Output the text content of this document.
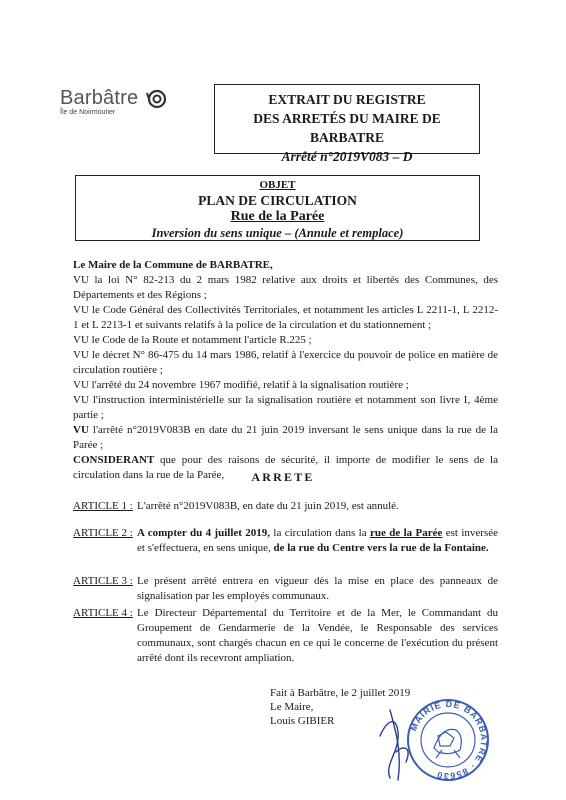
Barbâtre
Île de Noirmoutier
EXTRAIT DU REGISTRE
DES ARRETÉS DU MAIRE DE BARBATRE
Arrêté n°2019V083 – D
OBJET
PLAN DE CIRCULATION
Rue de la Parée
Inversion du sens unique – (Annule et remplace)

Le Maire de la Commune de BARBATRE,

VU la loi N° 82-213 du 2 mars 1982 relative aux droits et libertés des Communes, des Départements et des Régions ;

VU le Code Général des Collectivités Territoriales, et notamment les articles L 2211-1, L 2212-1 et L 2213-1 et suivants relatifs à la police de la circulation et du stationnement ;

VU le Code de la Route et notamment l'article R.225 ;

VU le décret N° 86-475 du 14 mars 1986, relatif à l'exercice du pouvoir de police en matière de circulation routière ;

VU l'arrêté du 24 novembre 1967 modifié, relatif à la signalisation routière ;

VU l'instruction interministérielle sur la signalisation routière et notamment son livre I, 4ème partie ;

VU l'arrêté n°2019V083B en date du 21 juin 2019 inversant le sens unique dans la rue de la Parée ;

CONSIDERANT que pour des raisons de sécurité, il importe de modifier le sens de la circulation dans la rue de la Parée,	ARRETE
ARTICLE 1 : L'arrêté n°2019V083B, en date du 21 juin 2019, est annulé.
ARTICLE 2 : A compter du 4 juillet 2019, la circulation dans la rue de la Parée est inversée et s'effectuera, en sens unique, de la rue du Centre vers la rue de la Fontaine.
ARTICLE 3 : Le présent arrêté entrera en vigueur dès la mise en place des panneaux de signalisation par les employés communaux.
ARTICLE 4 : Le Directeur Départemental du Territoire et de la Mer, le Commandant du Groupement de Gendarmerie de la Vendée, le Responsable des services communaux, sont chargés chacun en ce qui le concerne de l'exécution du présent arrêté dont ils recevront ampliation.
Fait à Barbâtre, le 2 juillet 2019
Le Maire,
Louis GIBIER	MAIRIE DE BARBATRE · 85630
